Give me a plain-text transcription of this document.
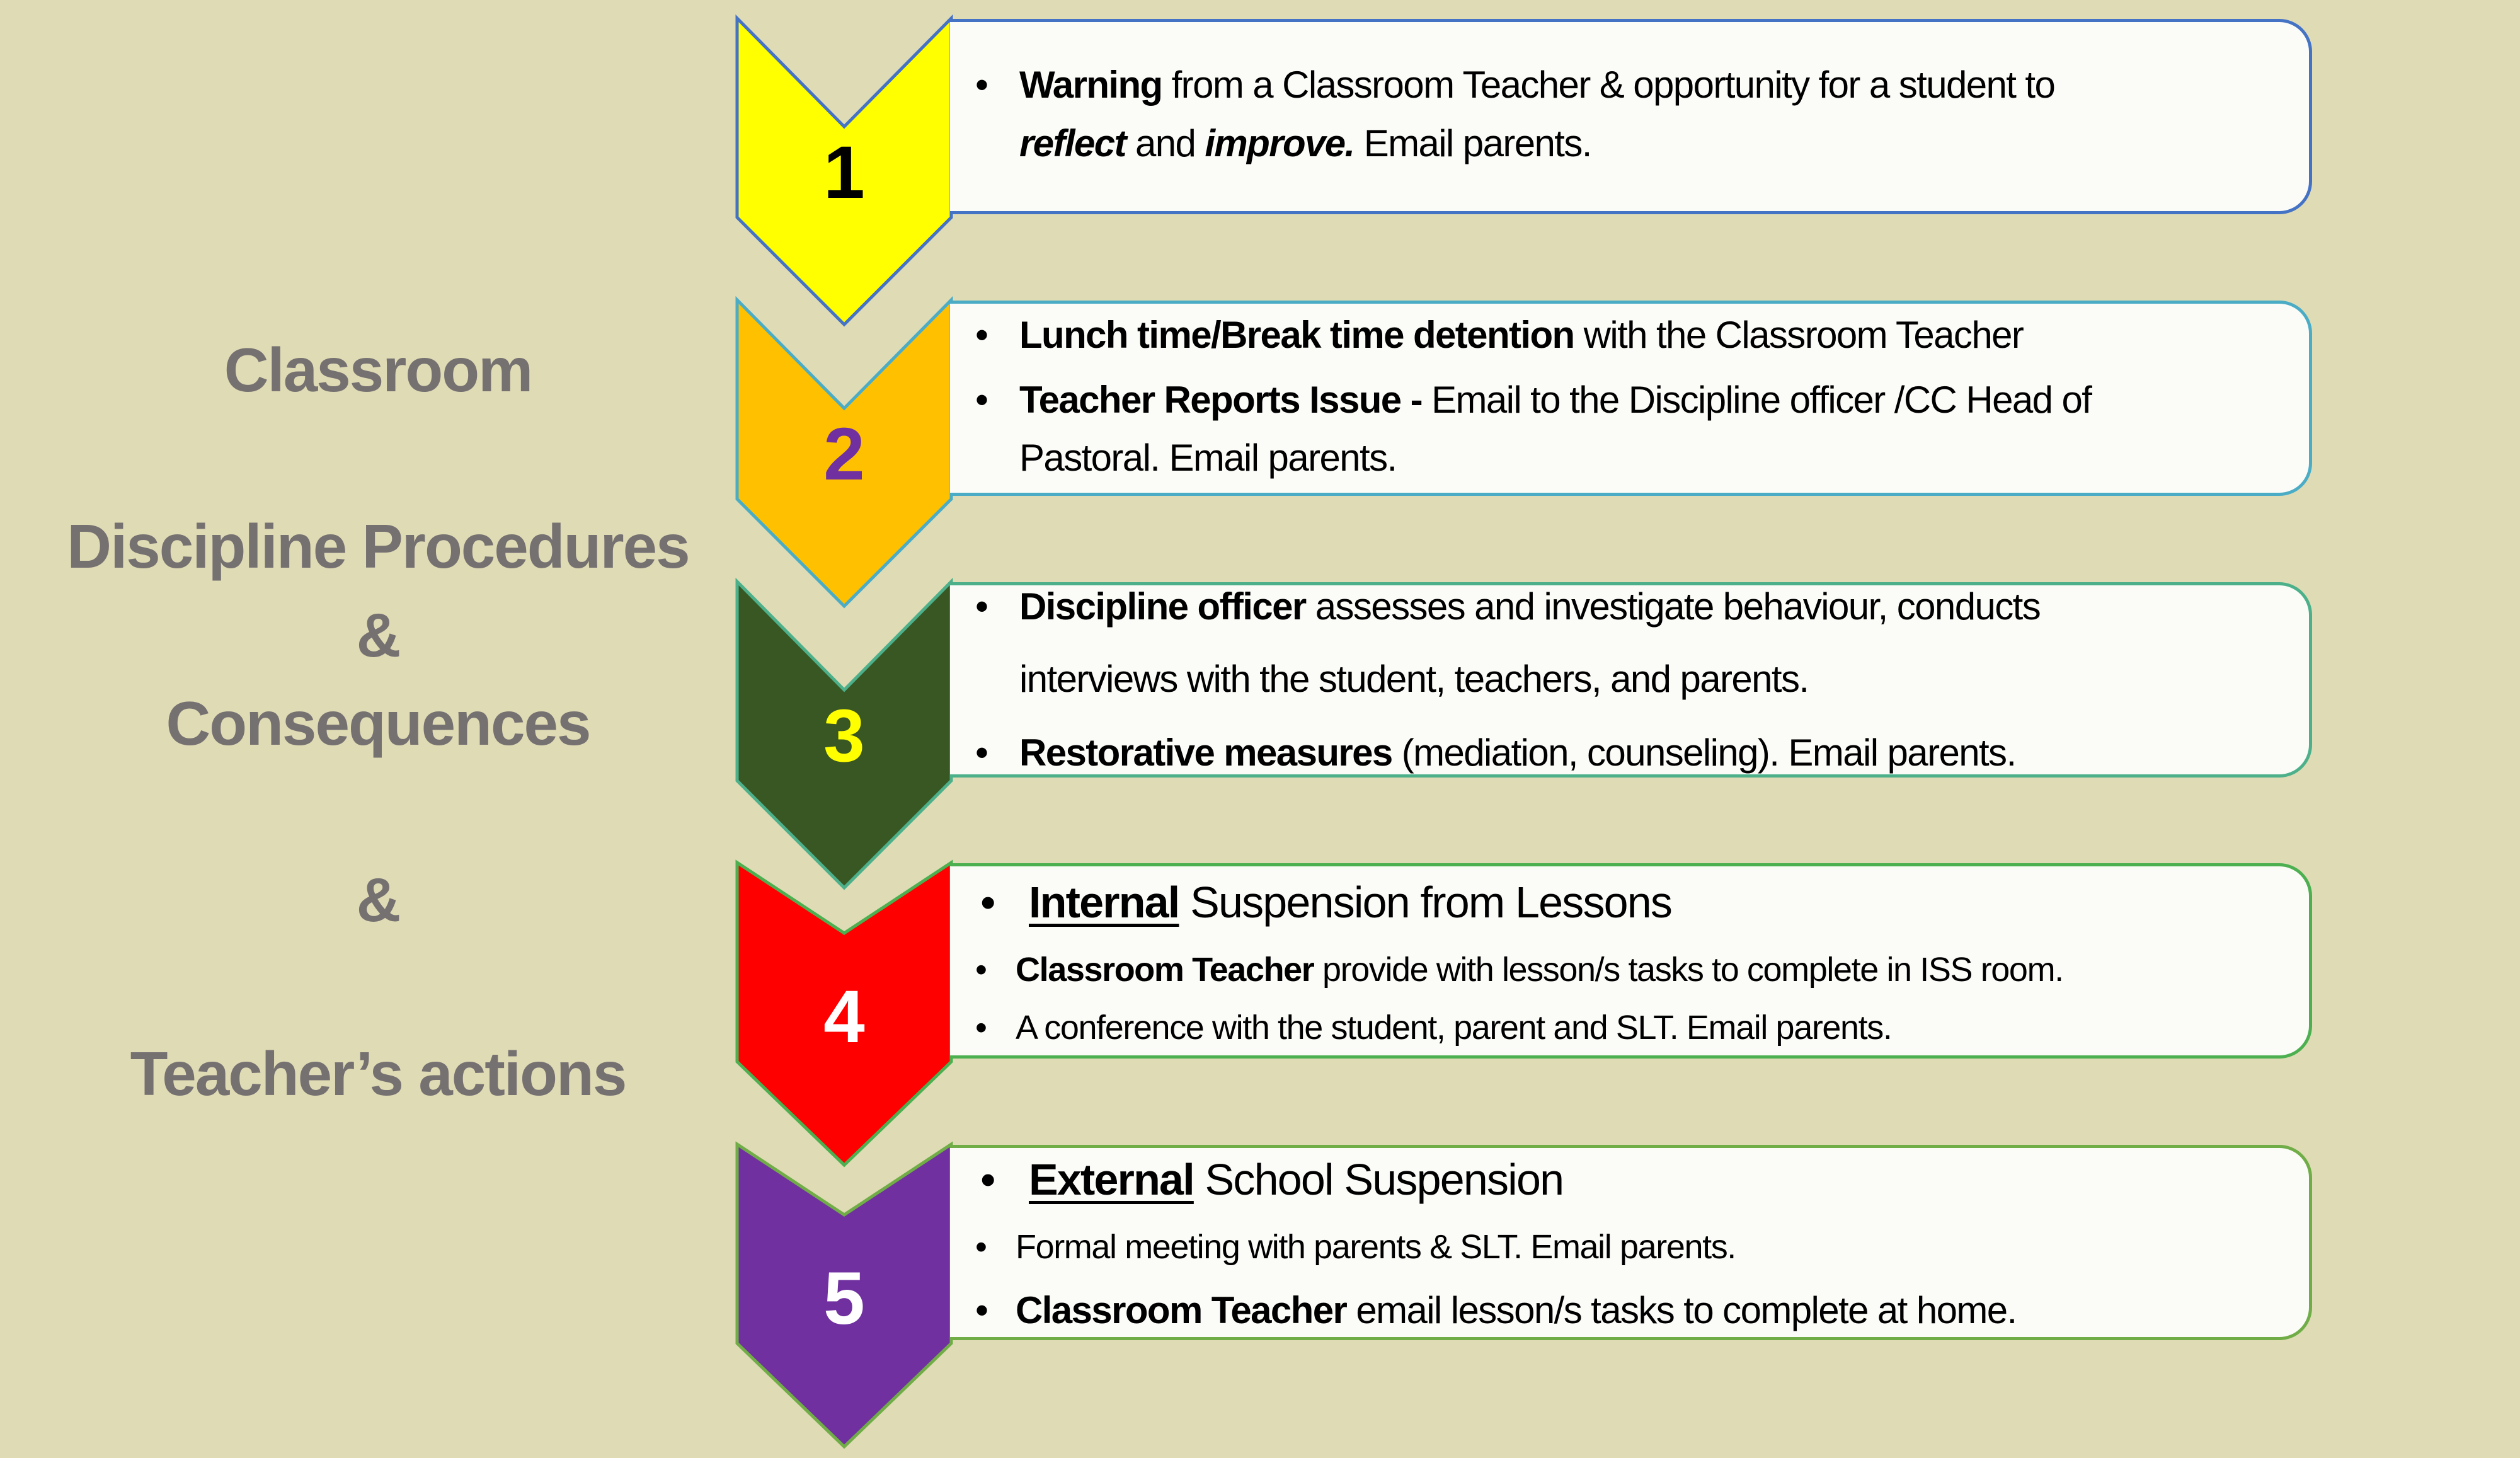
Classroom
Discipline Procedures
&
Consequences
&
Teacher’s actions
1
• Warning from a Classroom Teacher & opportunity for a student to
reflect and improve. Email parents.
2
• Lunch time/Break time detention with the Classroom Teacher
• Teacher Reports Issue - Email to the Discipline officer /CC Head of
Pastoral. Email parents.
3
• Discipline officer assesses and investigate behaviour, conducts
interviews with the student, teachers, and parents.
• Restorative measures (mediation, counseling). Email parents.
4
• Internal Suspension from Lessons
• Classroom Teacher provide with lesson/s tasks to complete in ISS room.
• A conference with the student, parent and SLT. Email parents.
5
• External School Suspension
• Formal meeting with parents & SLT. Email parents.
• Classroom Teacher email lesson/s tasks to complete at home.
